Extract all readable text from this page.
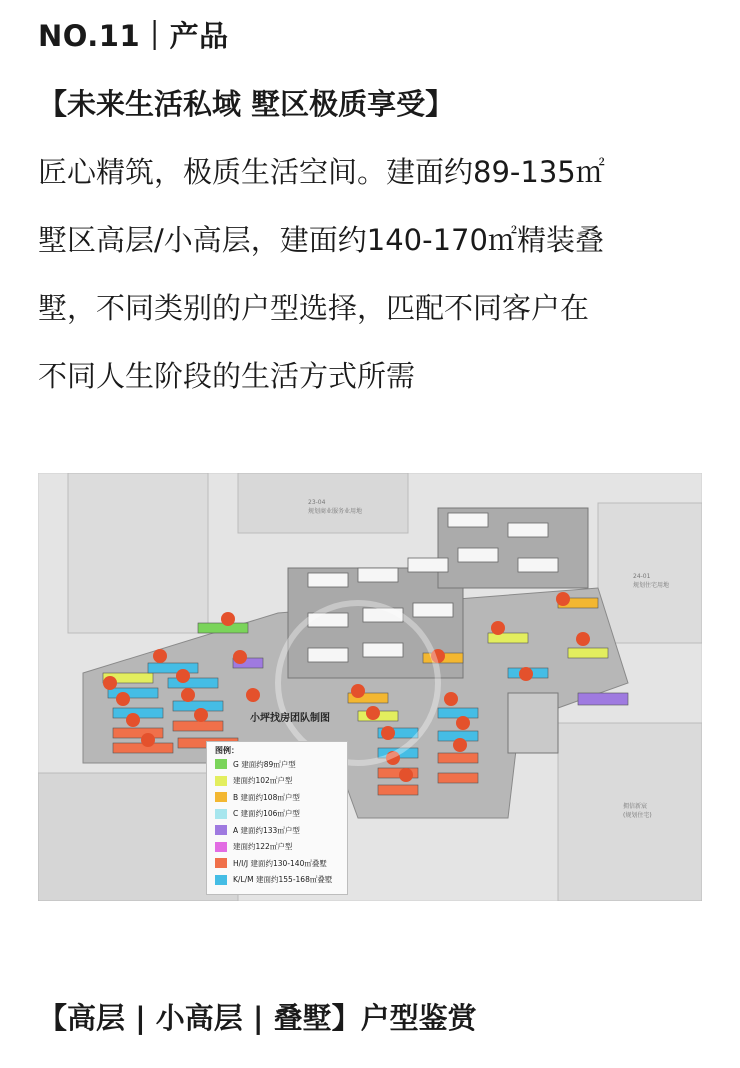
NO.11｜产品
【未来生活私域 墅区极质享受】
匠心精筑，极质生活空间。建面约89-135㎡
墅区高层/小高层，建面约140-170㎡精装叠
墅，不同类别的户型选择，匹配不同客户在
不同人生阶段的生活方式所需
23-04
规划商业服务业用地
24-01
规划住宅用地
拥信新宸
(规划住宅)
小坪找房团队制图
图例：
G 建面约89㎡户型
建面约102㎡户型
B 建面约108㎡户型
C 建面约106㎡户型
A 建面约133㎡户型
建面约122㎡户型
H/I/J 建面约130-140㎡叠墅
K/L/M 建面约155-168㎡叠墅
【高层 | 小高层 | 叠墅】户型鉴赏
